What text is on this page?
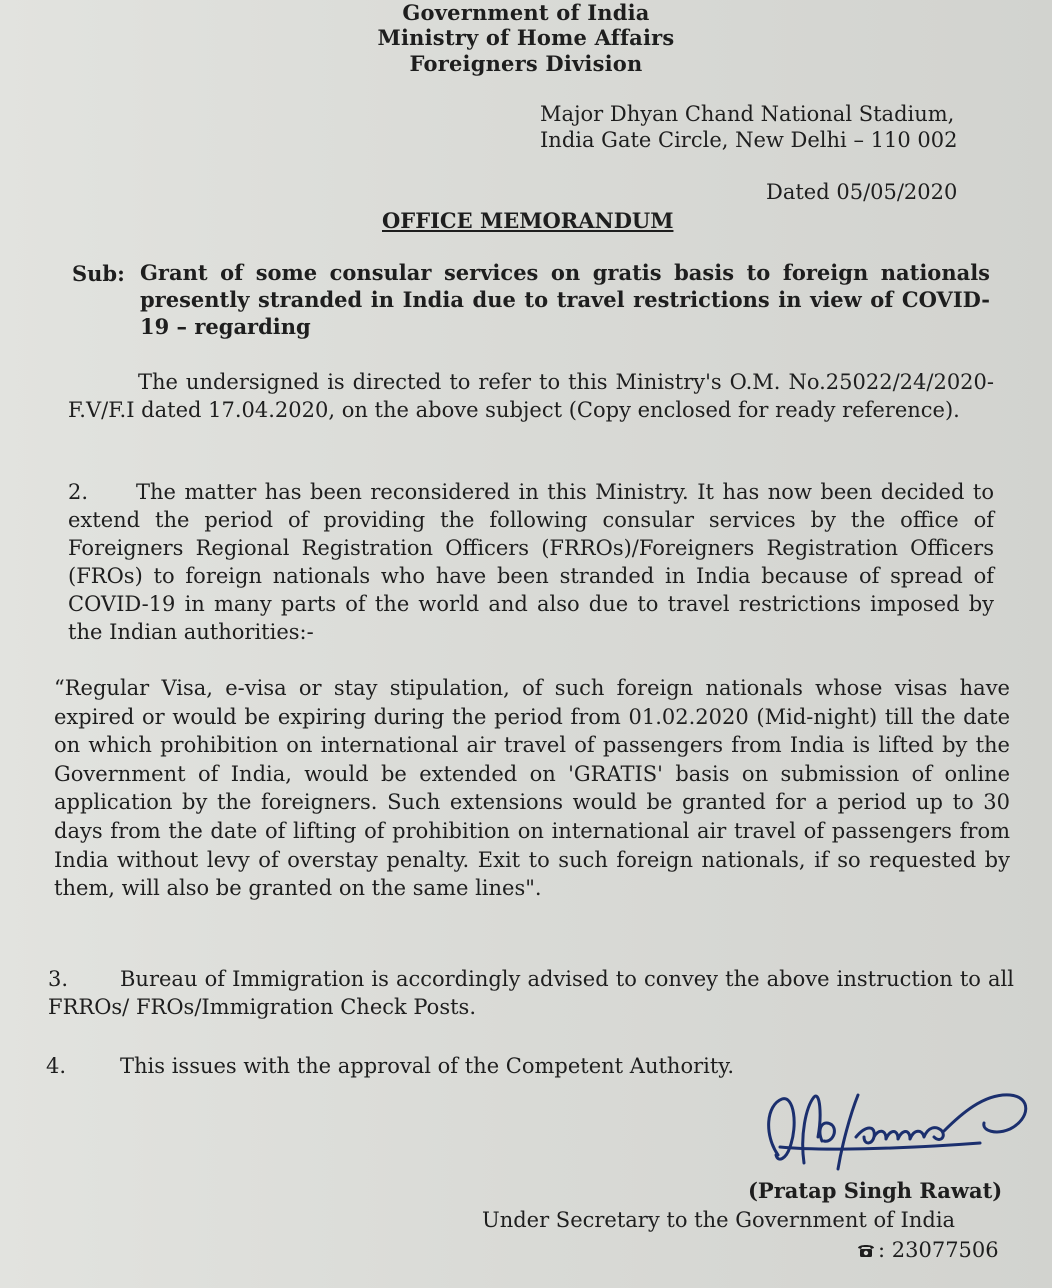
Government of India
Ministry of Home Affairs
Foreigners Division
Major Dhyan Chand National Stadium,
India Gate Circle, New Delhi – 110 002
Dated 05/05/2020
OFFICE MEMORANDUM
Sub: Grant of some consular services on gratis basis to foreign nationals presently stranded in India due to travel restrictions in view of COVID-19 – regarding
The undersigned is directed to refer to this Ministry's O.M. No.25022/24/2020-F.V/F.I dated 17.04.2020, on the above subject (Copy enclosed for ready reference).
2. The matter has been reconsidered in this Ministry. It has now been decided to extend the period of providing the following consular services by the office of Foreigners Regional Registration Officers (FRROs)/Foreigners Registration Officers (FROs) to foreign nationals who have been stranded in India because of spread of COVID-19 in many parts of the world and also due to travel restrictions imposed by the Indian authorities:-
“Regular Visa, e-visa or stay stipulation, of such foreign nationals whose visas have expired or would be expiring during the period from 01.02.2020 (Mid-night) till the date on which prohibition on international air travel of passengers from India is lifted by the Government of India, would be extended on 'GRATIS' basis on submission of online application by the foreigners. Such extensions would be granted for a period up to 30 days from the date of lifting of prohibition on international air travel of passengers from India without levy of overstay penalty. Exit to such foreign nationals, if so requested by them, will also be granted on the same lines".
3. Bureau of Immigration is accordingly advised to convey the above instruction to all FRROs/ FROs/Immigration Check Posts.
4.	This issues with the approval of the Competent Authority.
(Pratap Singh Rawat)
Under Secretary to the Government of India
: 23077506
